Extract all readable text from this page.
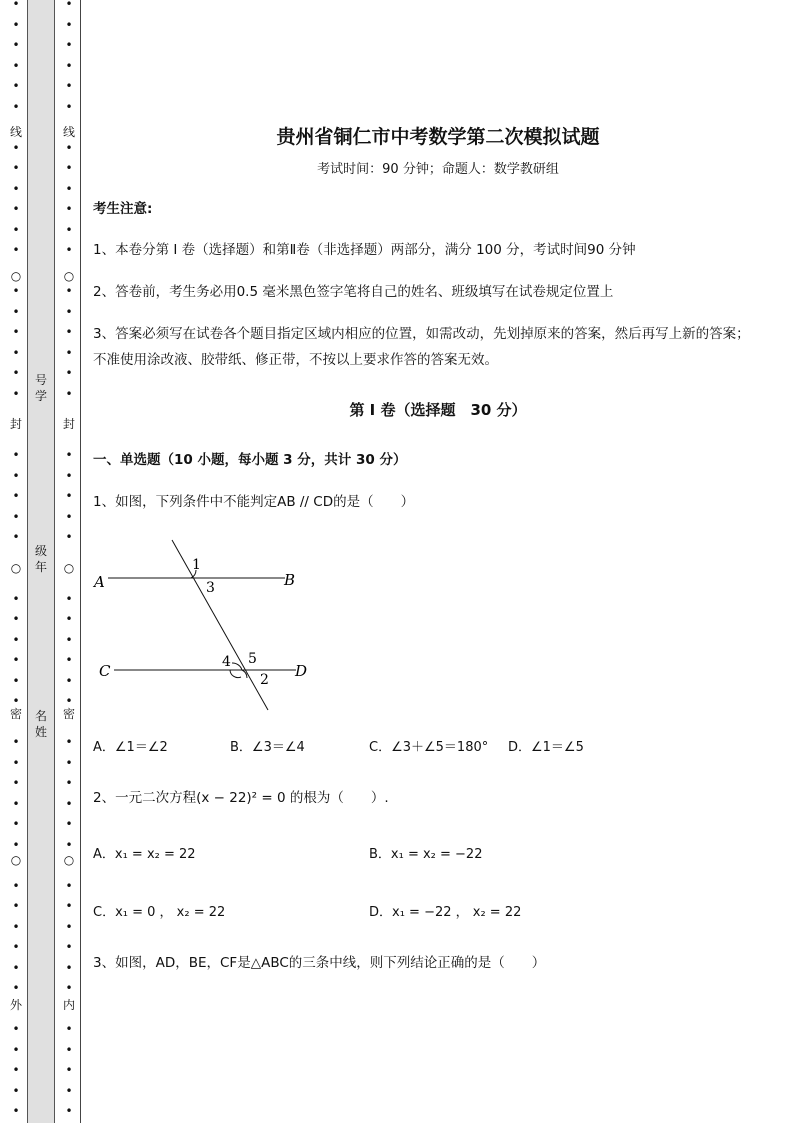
•
•
•
•
•
•
•
•
•
•
•
•
•
•
•
•
•
•
•
•
•
•
•
•
•
•
•
•
•
•
•
•
•
•
•
•
•
•
•
•
•
•
•
•
•
•
线
○
封
○
密
○
外
号学
级年
名姓
•
•
•
•
•
•
•
•
•
•
•
•
•
•
•
•
•
•
•
•
•
•
•
•
•
•
•
•
•
•
•
•
•
•
•
•
•
•
•
•
•
•
•
•
•
•
线
○
封
○
密
○
内
贵州省铜仁市中考数学第二次模拟试题
考试时间：90 分钟；命题人：数学教研组
考生注意:
1、本卷分第 I 卷（选择题）和第Ⅱ卷（非选择题）两部分，满分 100 分，考试时间90 分钟
2、答卷前，考生务必用0.5 毫米黑色签字笔将自己的姓名、班级填写在试卷规定位置上
3、答案必须写在试卷各个题目指定区域内相应的位置，如需改动，先划掉原来的答案，然后再写上新的答案；不准使用涂改液、胶带纸、修正带，不按以上要求作答的答案无效。
第 I 卷（选择题　30 分）
一、单选题（10 小题，每小题 3 分，共计 30 分）
1、如图，下列条件中不能判定AB // CD的是（　　）
A	B
C	D
1
3
4 5
2
A．∠1＝∠2	B．∠3＝∠4	C．∠3＋∠5＝180° D．∠1＝∠5
2、一元二次方程(x − 22)² = 0 的根为（　　）.
A．x₁ = x₂ = 22	B．x₁ = x₂ = −22
C．x₁ = 0 ， x₂ = 22	D．x₁ = −22 ， x₂ = 22
3、如图，AD，BE，CF是△ABC的三条中线，则下列结论正确的是（　　）
